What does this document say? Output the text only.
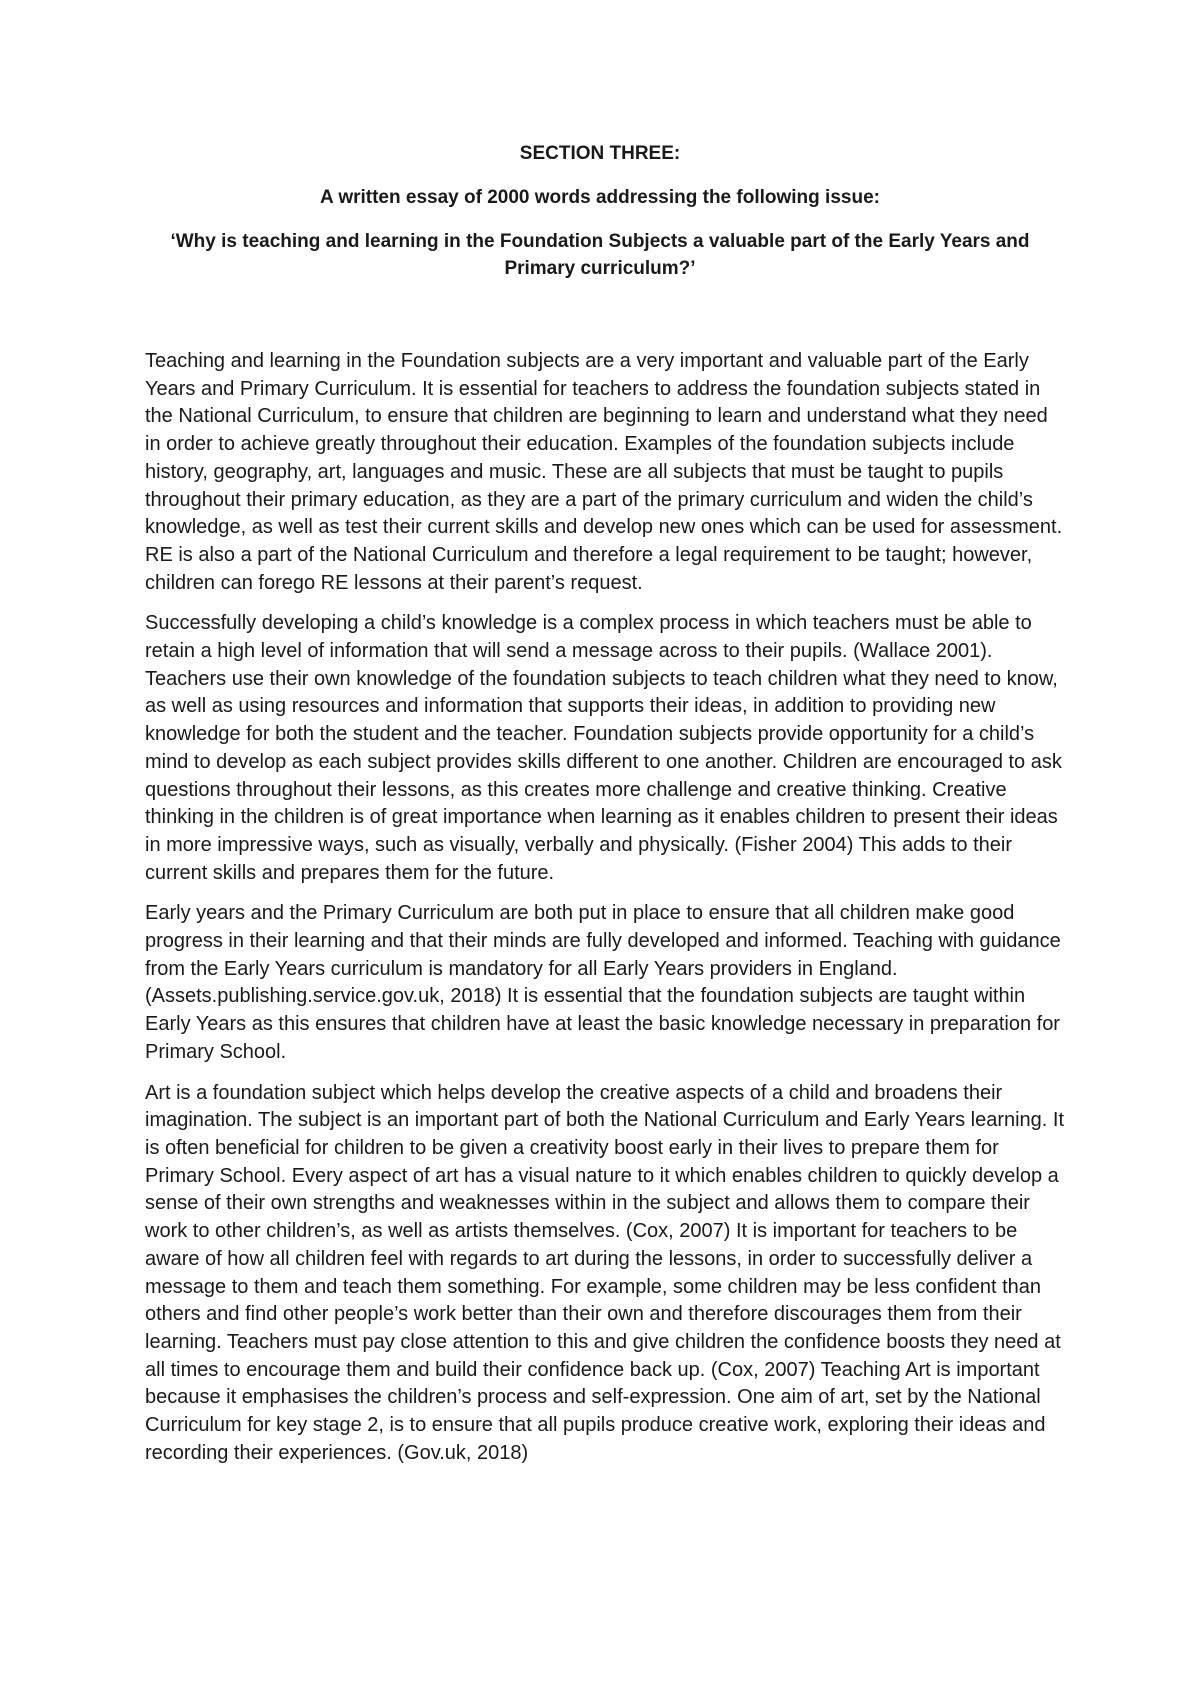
SECTION THREE:

A written essay of 2000 words addressing the following issue:

‘Why is teaching and learning in the Foundation Subjects a valuable part of the Early Years and Primary curriculum?’

Teaching and learning in the Foundation subjects are a very important and valuable part of the Early Years and Primary Curriculum. It is essential for teachers to address the foundation subjects stated in the National Curriculum, to ensure that children are beginning to learn and understand what they need in order to achieve greatly throughout their education. Examples of the foundation subjects include history, geography, art, languages and music. These are all subjects that must be taught to pupils throughout their primary education, as they are a part of the primary curriculum and widen the child’s knowledge, as well as test their current skills and develop new ones which can be used for assessment. RE is also a part of the National Curriculum and therefore a legal requirement to be taught; however, children can forego RE lessons at their parent’s request.

Successfully developing a child’s knowledge is a complex process in which teachers must be able to retain a high level of information that will send a message across to their pupils. (Wallace 2001). Teachers use their own knowledge of the foundation subjects to teach children what they need to know, as well as using resources and information that supports their ideas, in addition to providing new knowledge for both the student and the teacher. Foundation subjects provide opportunity for a child’s mind to develop as each subject provides skills different to one another. Children are encouraged to ask questions throughout their lessons, as this creates more challenge and creative thinking. Creative thinking in the children is of great importance when learning as it enables children to present their ideas in more impressive ways, such as visually, verbally and physically. (Fisher 2004) This adds to their current skills and prepares them for the future.

Early years and the Primary Curriculum are both put in place to ensure that all children make good progress in their learning and that their minds are fully developed and informed. Teaching with guidance from the Early Years curriculum is mandatory for all Early Years providers in England. (Assets.publishing.service.gov.uk, 2018) It is essential that the foundation subjects are taught within Early Years as this ensures that children have at least the basic knowledge necessary in preparation for Primary School.

Art is a foundation subject which helps develop the creative aspects of a child and broadens their imagination. The subject is an important part of both the National Curriculum and Early Years learning. It is often beneficial for children to be given a creativity boost early in their lives to prepare them for Primary School. Every aspect of art has a visual nature to it which enables children to quickly develop a sense of their own strengths and weaknesses within in the subject and allows them to compare their work to other children’s, as well as artists themselves. (Cox, 2007) It is important for teachers to be aware of how all children feel with regards to art during the lessons, in order to successfully deliver a message to them and teach them something. For example, some children may be less confident than others and find other people’s work better than their own and therefore discourages them from their learning. Teachers must pay close attention to this and give children the confidence boosts they need at all times to encourage them and build their confidence back up. (Cox, 2007) Teaching Art is important because it emphasises the children’s process and self-expression. One aim of art, set by the National Curriculum for key stage 2, is to ensure that all pupils produce creative work, exploring their ideas and recording their experiences. (Gov.uk, 2018)
